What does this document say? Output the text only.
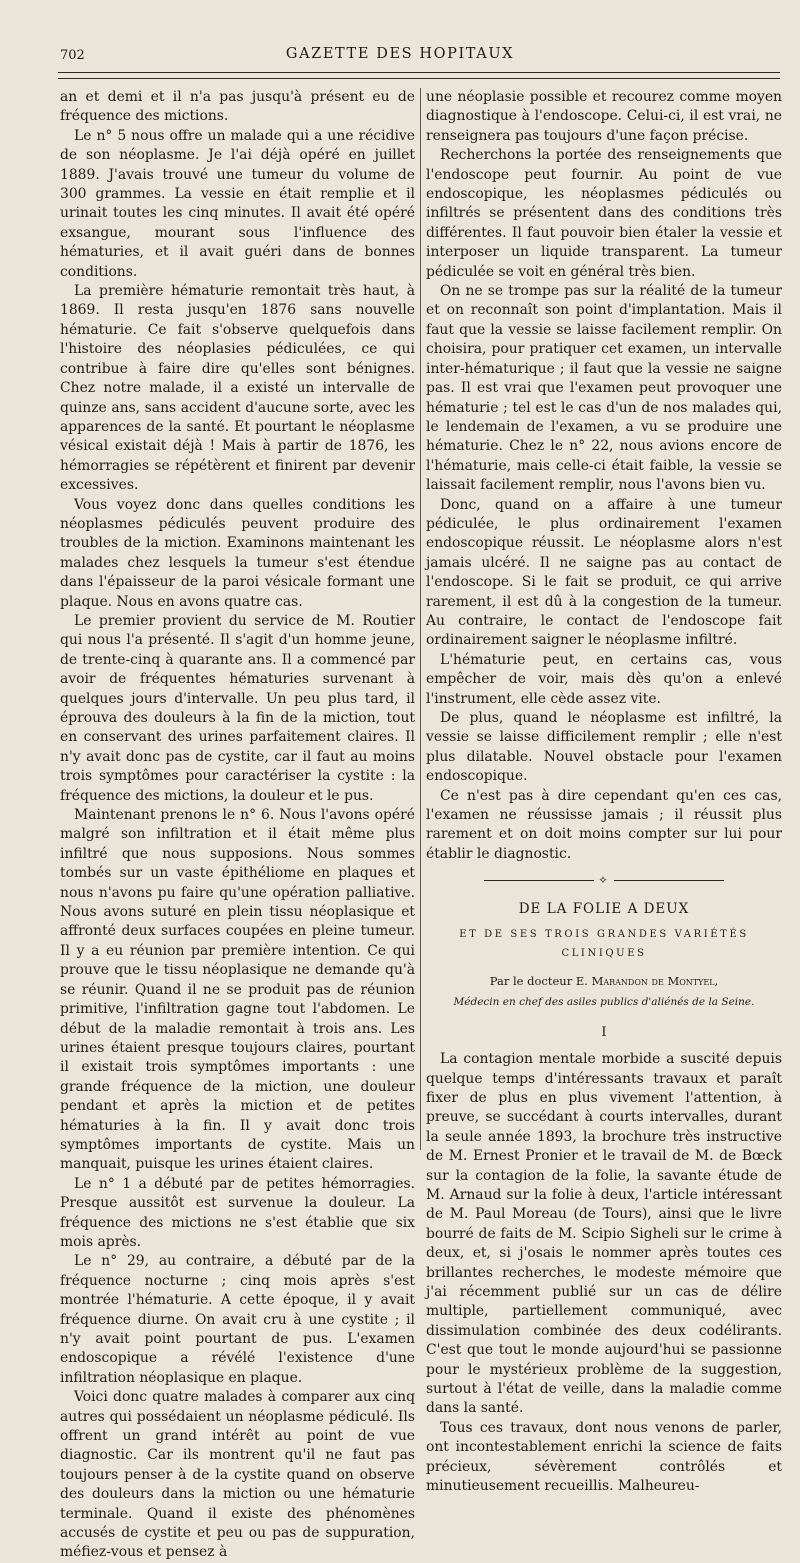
702	GAZETTE DES HOPITAUX

an et demi et il n'a pas jusqu'à présent eu de fréquence des mictions.

Le n° 5 nous offre un malade qui a une récidive de son néoplasme. Je l'ai déjà opéré en juillet 1889. J'avais trouvé une tumeur du volume de 300 grammes. La vessie en était remplie et il urinait toutes les cinq minutes. Il avait été opéré exsangue, mourant sous l'influence des hématuries, et il avait guéri dans de bonnes conditions.

La première hématurie remontait très haut, à 1869. Il resta jusqu'en 1876 sans nouvelle hématurie. Ce fait s'observe quelquefois dans l'histoire des néoplasies pédiculées, ce qui contribue à faire dire qu'elles sont bénignes. Chez notre malade, il a existé un intervalle de quinze ans, sans accident d'aucune sorte, avec les apparences de la santé. Et pourtant le néoplasme vésical existait déjà ! Mais à partir de 1876, les hémorragies se répétèrent et finirent par devenir excessives.

Vous voyez donc dans quelles conditions les néoplasmes pédiculés peuvent produire des troubles de la miction. Examinons maintenant les malades chez lesquels la tumeur s'est étendue dans l'épaisseur de la paroi vésicale formant une plaque. Nous en avons quatre cas.

Le premier provient du service de M. Routier qui nous l'a présenté. Il s'agit d'un homme jeune, de trente-cinq à quarante ans. Il a commencé par avoir de fréquentes hématuries survenant à quelques jours d'intervalle. Un peu plus tard, il éprouva des douleurs à la fin de la miction, tout en conservant des urines parfaitement claires. Il n'y avait donc pas de cystite, car il faut au moins trois symptômes pour caractériser la cystite : la fréquence des mictions, la douleur et le pus.

Maintenant prenons le n° 6. Nous l'avons opéré malgré son infiltration et il était même plus infiltré que nous supposions. Nous sommes tombés sur un vaste épithéliome en plaques et nous n'avons pu faire qu'une opération palliative. Nous avons suturé en plein tissu néoplasique et affronté deux surfaces coupées en pleine tumeur. Il y a eu réunion par première intention. Ce qui prouve que le tissu néoplasique ne demande qu'à se réunir. Quand il ne se produit pas de réunion primitive, l'infiltration gagne tout l'abdomen. Le début de la maladie remontait à trois ans. Les urines étaient presque toujours claires, pourtant il existait trois symptômes importants : une grande fréquence de la miction, une douleur pendant et après la miction et de petites hématuries à la fin. Il y avait donc trois symptômes importants de cystite. Mais un manquait, puisque les urines étaient claires.

Le n° 1 a débuté par de petites hémorragies. Presque aussitôt est survenue la douleur. La fréquence des mictions ne s'est établie que six mois après.

Le n° 29, au contraire, a débuté par de la fréquence nocturne ; cinq mois après s'est montrée l'hématurie. A cette époque, il y avait fréquence diurne. On avait cru à une cystite ; il n'y avait point pourtant de pus. L'examen endoscopique a révélé l'existence d'une infiltration néoplasique en plaque.

Voici donc quatre malades à comparer aux cinq autres qui possédaient un néoplasme pédiculé. Ils offrent un grand intérêt au point de vue diagnostic. Car ils montrent qu'il ne faut pas toujours penser à de la cystite quand on observe des douleurs dans la miction ou une hématurie terminale. Quand il existe des phénomènes accusés de cystite et peu ou pas de suppuration, méfiez-vous et pensez à

une néoplasie possible et recourez comme moyen diagnostique à l'endoscope. Celui-ci, il est vrai, ne renseignera pas toujours d'une façon précise.

Recherchons la portée des renseignements que l'endoscope peut fournir. Au point de vue endoscopique, les néoplasmes pédiculés ou infiltrés se présentent dans des conditions très différentes. Il faut pouvoir bien étaler la vessie et interposer un liquide transparent. La tumeur pédiculée se voit en général très bien.

On ne se trompe pas sur la réalité de la tumeur et on reconnaît son point d'implantation. Mais il faut que la vessie se laisse facilement remplir. On choisira, pour pratiquer cet examen, un intervalle inter-hématurique ; il faut que la vessie ne saigne pas. Il est vrai que l'examen peut provoquer une hématurie ; tel est le cas d'un de nos malades qui, le lendemain de l'examen, a vu se produire une hématurie. Chez le n° 22, nous avions encore de l'hématurie, mais celle-ci était faible, la vessie se laissait facilement remplir, nous l'avons bien vu.

Donc, quand on a affaire à une tumeur pédiculée, le plus ordinairement l'examen endoscopique réussit. Le néoplasme alors n'est jamais ulcéré. Il ne saigne pas au contact de l'endoscope. Si le fait se produit, ce qui arrive rarement, il est dû à la congestion de la tumeur. Au contraire, le contact de l'endoscope fait ordinairement saigner le néoplasme infiltré.

L'hématurie peut, en certains cas, vous empêcher de voir, mais dès qu'on a enlevé l'instrument, elle cède assez vite.

De plus, quand le néoplasme est infiltré, la vessie se laisse difficilement remplir ; elle n'est plus dilatable. Nouvel obstacle pour l'examen endoscopique.

Ce n'est pas à dire cependant qu'en ces cas, l'examen ne réussisse jamais ; il réussit plus rarement et on doit moins compter sur lui pour établir le diagnostic.

⟡
DE LA FOLIE A DEUX
ET DE SES TROIS GRANDES VARIÉTÉS CLINIQUES
Par le docteur E. Marandon de Montyel,
Médecin en chef des asiles publics d'aliénés de la Seine.
I

La contagion mentale morbide a suscité depuis quelque temps d'intéressants travaux et paraît fixer de plus en plus vivement l'attention, à preuve, se succédant à courts intervalles, durant la seule année 1893, la brochure très instructive de M. Ernest Pronier et le travail de M. de Bœck sur la contagion de la folie, la savante étude de M. Arnaud sur la folie à deux, l'article intéressant de M. Paul Moreau (de Tours), ainsi que le livre bourré de faits de M. Scipio Sigheli sur le crime à deux, et, si j'osais le nommer après toutes ces brillantes recherches, le modeste mémoire que j'ai récemment publié sur un cas de délire multiple, partiellement communiqué, avec dissimulation combinée des deux codélirants. C'est que tout le monde aujourd'hui se passionne pour le mystérieux problème de la suggestion, surtout à l'état de veille, dans la maladie comme dans la santé.

Tous ces travaux, dont nous venons de parler, ont incontestablement enrichi la science de faits précieux, sévèrement contrôlés et minutieusement recueillis. Malheureu-
